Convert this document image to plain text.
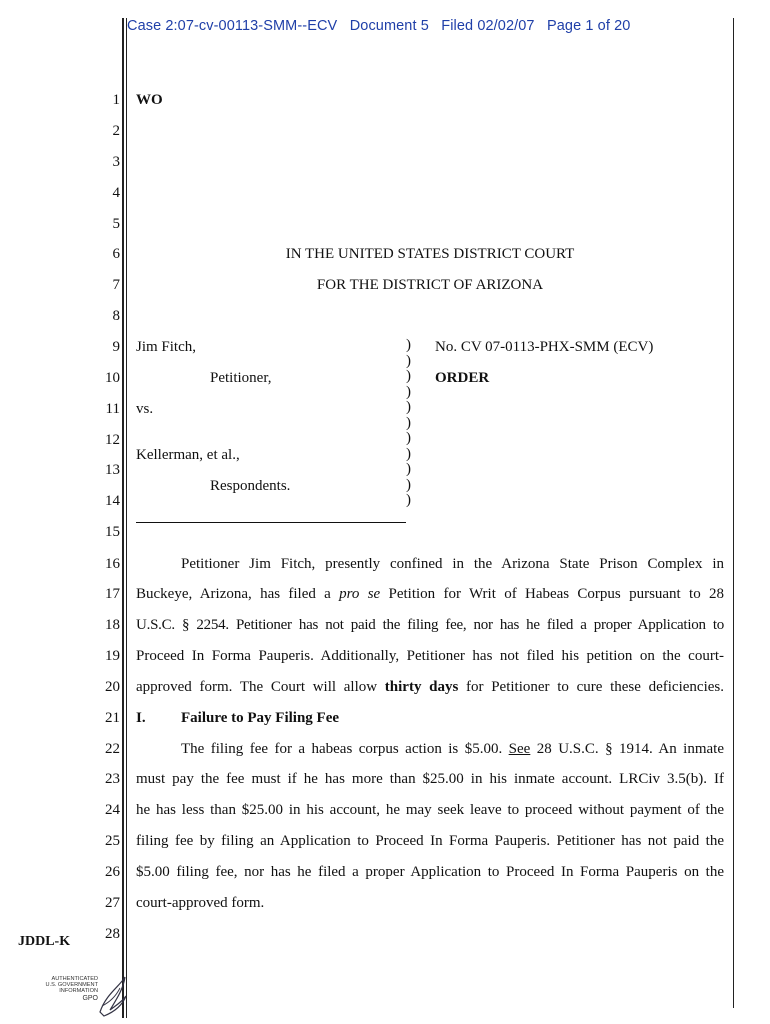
Case 2:07-cv-00113-SMM--ECV   Document 5   Filed 02/02/07   Page 1 of 20
1
2
3
4
5
6
7
8
9
10
11
12
13
14
15
16
17
18
19
20
21
22
23
24
25
26
27
28
WO
IN THE UNITED STATES DISTRICT COURT
FOR THE DISTRICT OF ARIZONA
Jim Fitch,
Petitioner,
vs.
Kellerman, et al.,
Respondents.
)
)
)
)
)
)
)
)
)
)
)
No. CV 07-0113-PHX-SMM (ECV)
ORDER
Petitioner Jim Fitch, presently confined in the Arizona State Prison Complex in
Buckeye, Arizona, has filed a pro se Petition for Writ of Habeas Corpus pursuant to 28
U.S.C. § 2254. Petitioner has not paid the filing fee, nor has he filed a proper Application to
Proceed In Forma Pauperis. Additionally, Petitioner has not filed his petition on the court-
approved form. The Court will allow thirty days for Petitioner to cure these deficiencies.
I. Failure to Pay Filing Fee
The filing fee for a habeas corpus action is $5.00. See 28 U.S.C. § 1914. An inmate
must pay the fee must if he has more than $25.00 in his inmate account. LRCiv 3.5(b). If
he has less than $25.00 in his account, he may seek leave to proceed without payment of the
filing fee by filing an Application to Proceed In Forma Pauperis. Petitioner has not paid the
$5.00 filing fee, nor has he filed a proper Application to Proceed In Forma Pauperis on the
court-approved form.
JDDL-K
AUTHENTICATED
U.S. GOVERNMENT
INFORMATION
GPO
